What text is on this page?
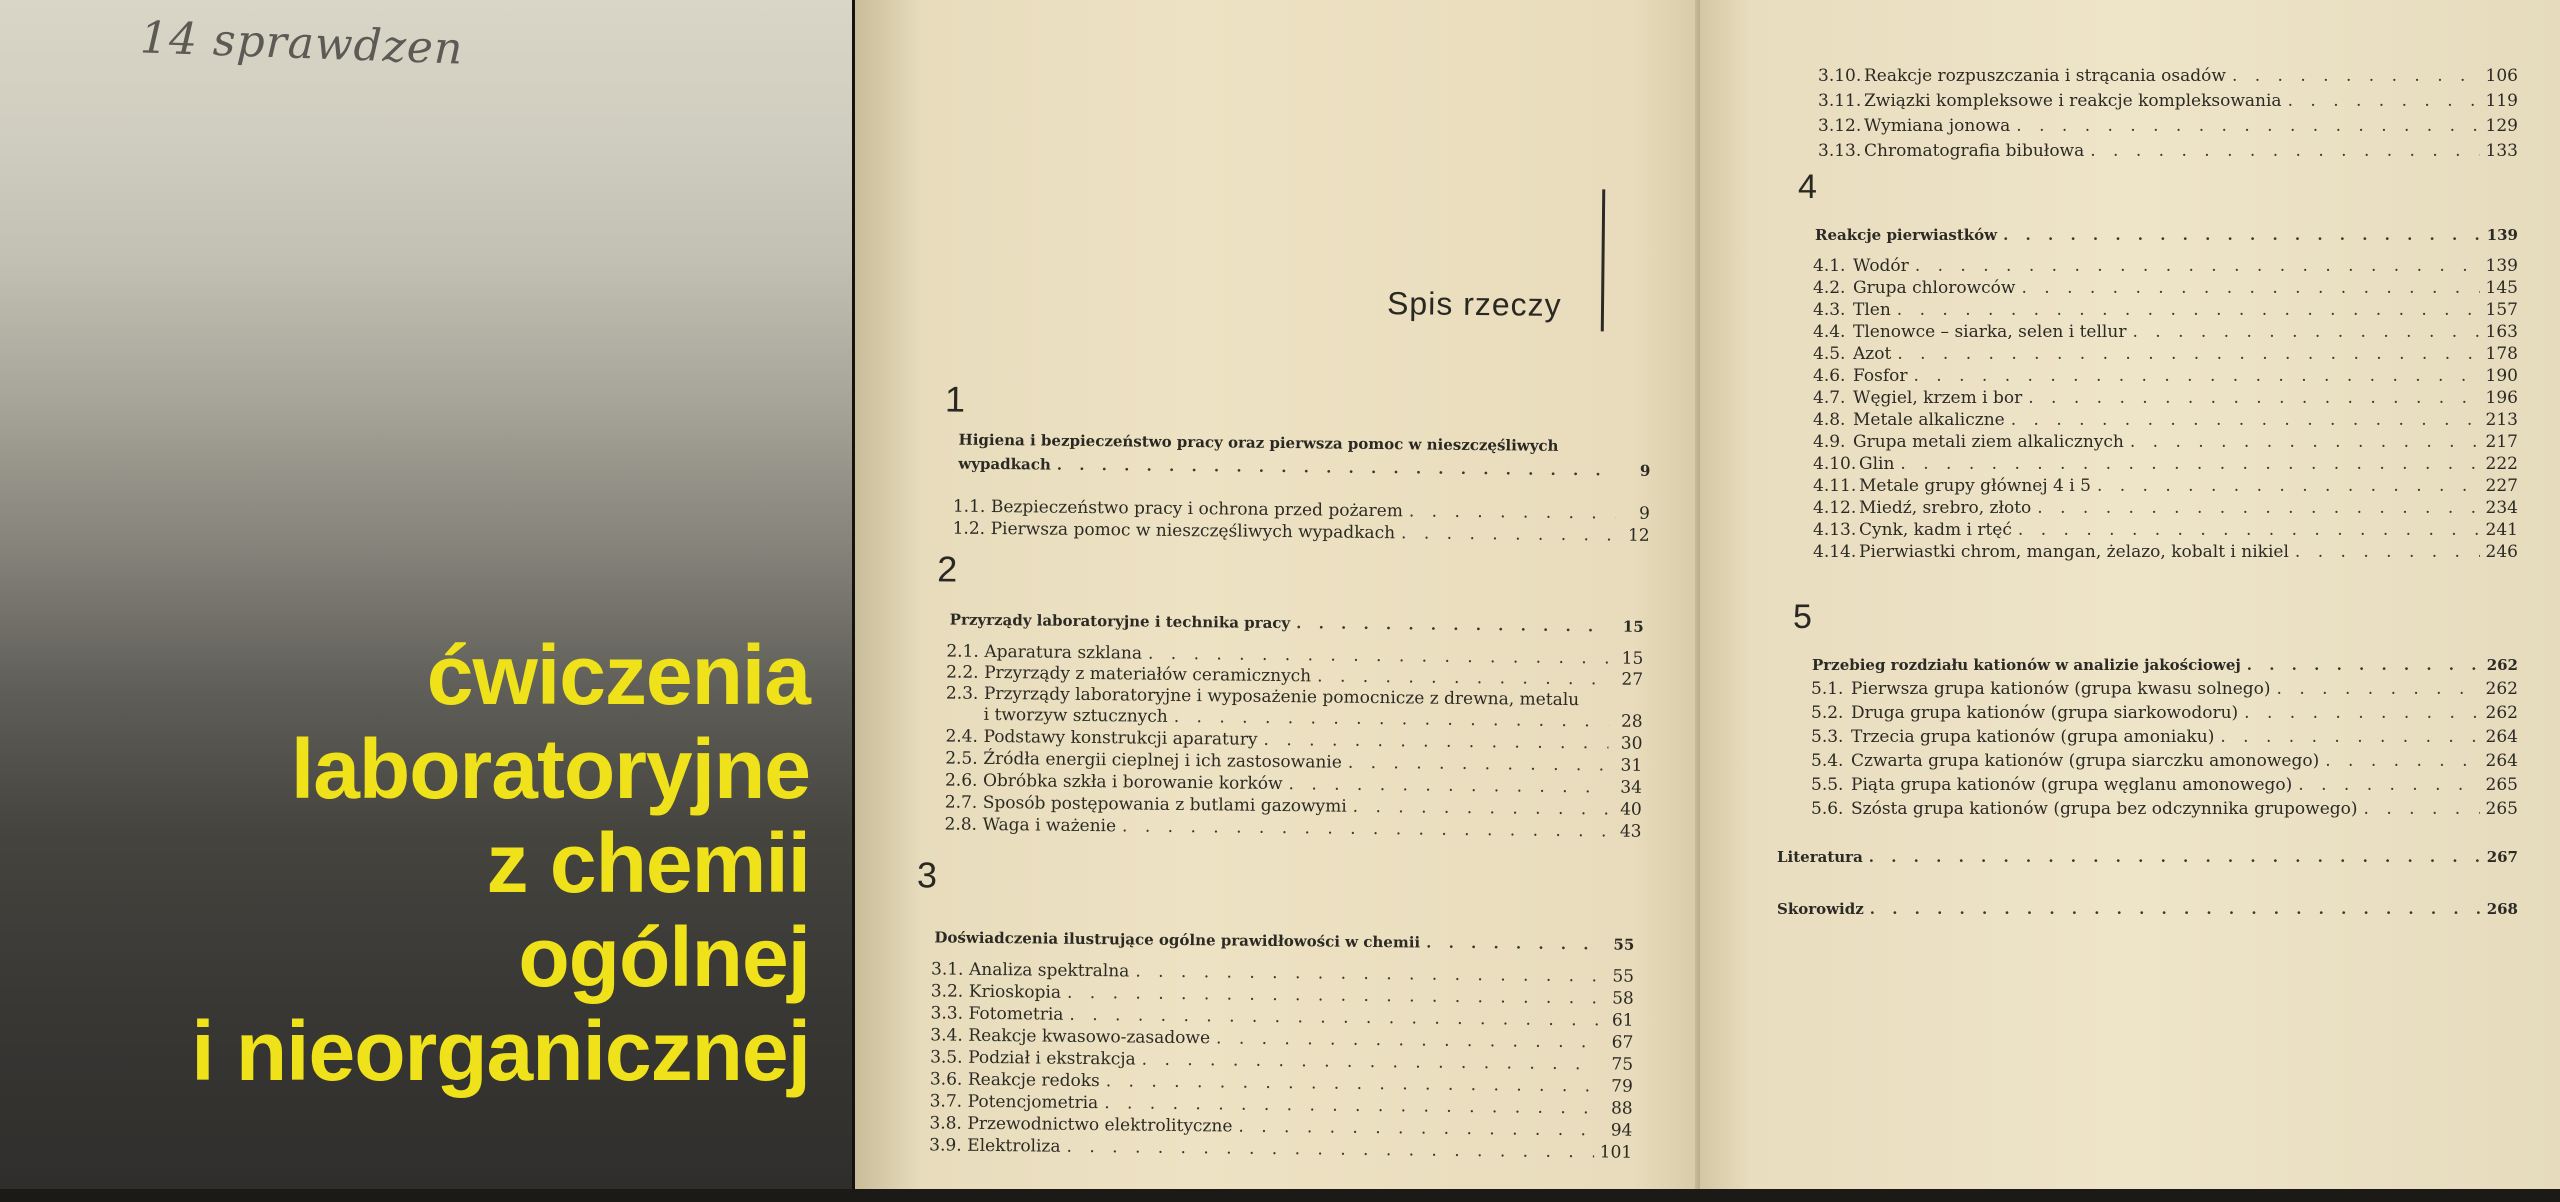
14 sprawdzen
ćwiczenia
laboratoryjne
z chemii
ogólnej
i nieorganicznej
Spis rzeczy
1
Higiena i bezpieczeństwo pracy oraz pierwsza pomoc w nieszczęśliwych
wypadkach . . .	9
1.1. Bezpieczeństwo pracy i ochrona przed pożarem . . .	9
1.2. Pierwsza pomoc w nieszczęśliwych wypadkach . . .	12
2
Przyrządy laboratoryjne i technika pracy . . .	15
2.1. Aparatura szklana . . .	15
2.2. Przyrządy z materiałów ceramicznych . . .	27
2.3. Przyrządy laboratoryjne i wyposażenie pomocnicze z drewna, metalu
i tworzyw sztucznych . . .	28
2.4. Podstawy konstrukcji aparatury . . .	30
2.5. Źródła energii cieplnej i ich zastosowanie . . .	31
2.6. Obróbka szkła i borowanie korków . . .	34
2.7. Sposób postępowania z butlami gazowymi . . .	40
2.8. Waga i ważenie . . .	43
3
Doświadczenia ilustrujące ogólne prawidłowości w chemii . . .	55
3.1. Analiza spektralna . . .	55
3.2. Krioskopia . . .	58
3.3. Fotometria . . .	61
3.4. Reakcje kwasowo-zasadowe . . .	67
3.5. Podział i ekstrakcja . . .	75
3.6. Reakcje redoks . . .	79
3.7. Potencjometria . . .	88
3.8. Przewodnictwo elektrolityczne . . .	94
3.9. Elektroliza . . .	101
3.10. Reakcje rozpuszczania i strącania osadów . . .	106
3.11. Związki kompleksowe i reakcje kompleksowania . . .	119
3.12. Wymiana jonowa . . .	129
3.13. Chromatografia bibułowa . . .	133
4
Reakcje pierwiastków . . .	139
4.1. Wodór . . .	139
4.2. Grupa chlorowców . . .	145
4.3. Tlen . . .	157
4.4. Tlenowce – siarka, selen i tellur . . .	163
4.5. Azot . . .	178
4.6. Fosfor . . .	190
4.7. Węgiel, krzem i bor . . .	196
4.8. Metale alkaliczne . . .	213
4.9. Grupa metali ziem alkalicznych . . .	217
4.10. Glin . . .	222
4.11. Metale grupy głównej 4 i 5 . . .	227
4.12. Miedź, srebro, złoto . . .	234
4.13. Cynk, kadm i rtęć . . .	241
4.14. Pierwiastki chrom, mangan, żelazo, kobalt i nikiel . . .	246
5
Przebieg rozdziału kationów w analizie jakościowej . . .	262
5.1. Pierwsza grupa kationów (grupa kwasu solnego) . . .	262
5.2. Druga grupa kationów (grupa siarkowodoru) . . .	262
5.3. Trzecia grupa kationów (grupa amoniaku) . . .	264
5.4. Czwarta grupa kationów (grupa siarczku amonowego) . . .	264
5.5. Piąta grupa kationów (grupa węglanu amonowego) . . .	265
5.6. Szósta grupa kationów (grupa bez odczynnika grupowego) . . .	265
Literatura . . .	267
Skorowidz . . .	268
